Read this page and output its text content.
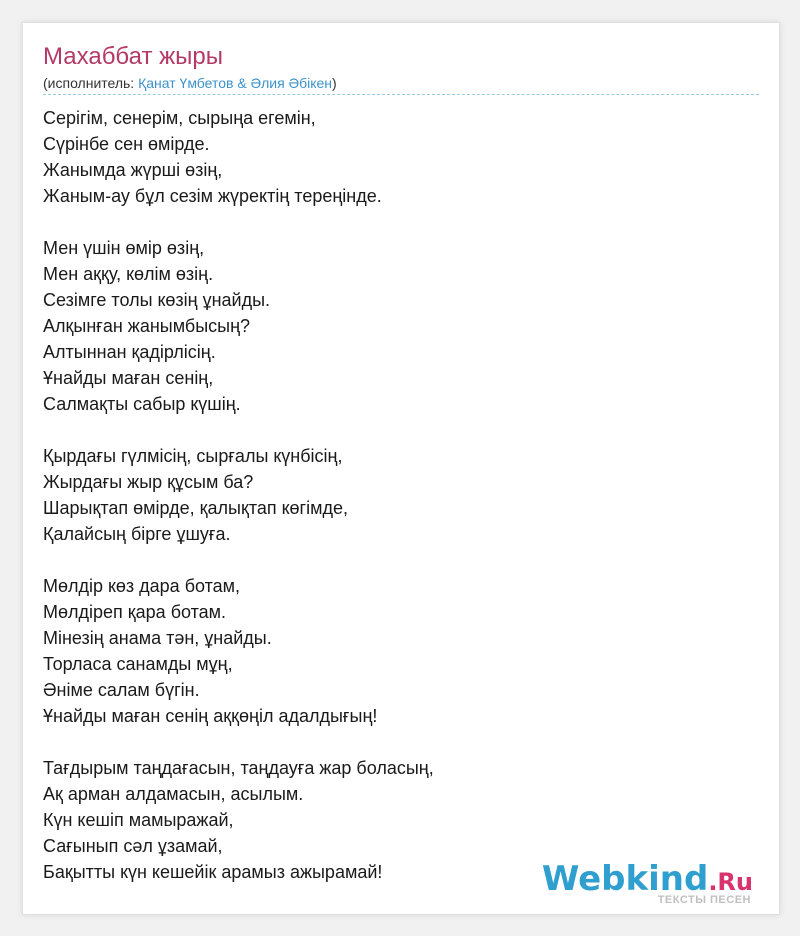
Махаббат жыры
(исполнитель: Қанат Үмбетов & Әлия Әбікен)
Серігім, сенерім, сырыңа егемін,
Сүрінбе сен өмірде.
Жанымда жүрші өзің,
Жаным-ау бұл сезім жүректің тереңінде.
Мен үшін өмір өзің,
Мен аққу, көлім өзің.
Сезімге толы көзің ұнайды.
Алқынған жанымбысың?
Алтыннан қадірлісің.
Ұнайды маған сенің,
Салмақты сабыр күшің.
Қырдағы гүлмісің, сырғалы күнбісің,
Жырдағы жыр құсым ба?
Шарықтап өмірде, қалықтап көгімде,
Қалайсың бірге ұшуға.
Мөлдір көз дара ботам,
Мөлдіреп қара ботам.
Мінезің анама тән, ұнайды.
Торласа санамды мұң,
Әніме салам бүгін.
Ұнайды маған сенің аққөңіл адалдығың!
Тағдырым таңдағасын, таңдауға жар боласың,
Ақ арман алдамасын, асылым.
Күн кешіп мамыражай,
Сағынып сәл ұзамай,
Бақытты күн кешейік арамыз ажырамай!	Webkind.Ru
ТЕКСТЫ ПЕСЕН
